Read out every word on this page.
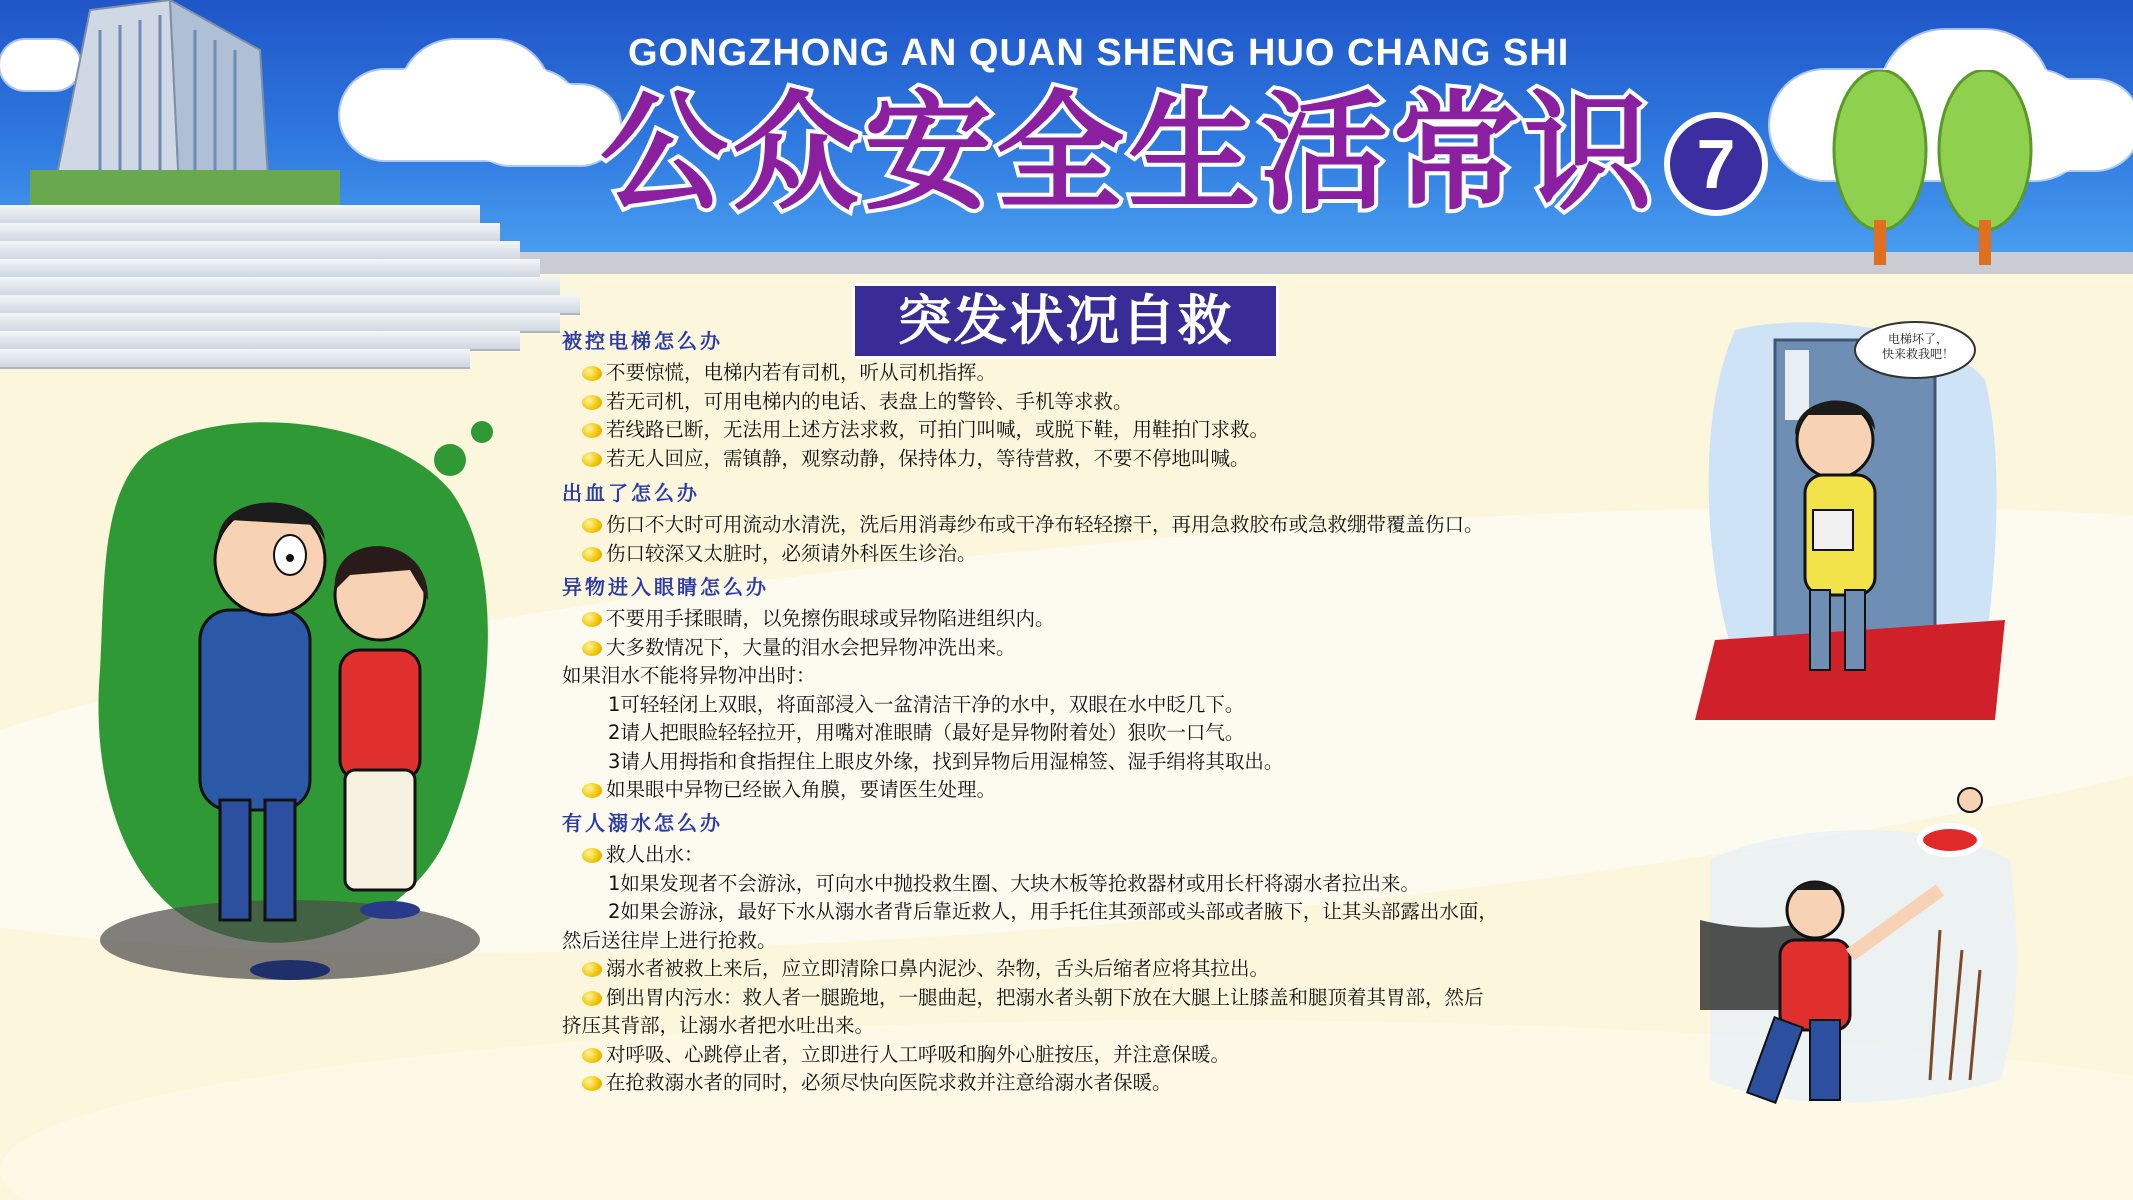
GONGZHONG AN QUAN SHENG HUO CHANG SHI
公众安全生活常识 7
突发状况自救	电梯坏了，
快来救我吧！
被控电梯怎么办
不要惊慌，电梯内若有司机，听从司机指挥。
若无司机，可用电梯内的电话、表盘上的警铃、手机等求救。
若线路已断，无法用上述方法求救，可拍门叫喊，或脱下鞋，用鞋拍门求救。
若无人回应，需镇静，观察动静，保持体力，等待营救，不要不停地叫喊。
出血了怎么办
伤口不大时可用流动水清洗，洗后用消毒纱布或干净布轻轻擦干，再用急救胶布或急救绷带覆盖伤口。
伤口较深又太脏时，必须请外科医生诊治。
异物进入眼睛怎么办
不要用手揉眼睛，以免擦伤眼球或异物陷进组织内。
大多数情况下，大量的泪水会把异物冲洗出来。
如果泪水不能将异物冲出时：
1可轻轻闭上双眼，将面部浸入一盆清洁干净的水中，双眼在水中眨几下。
2请人把眼睑轻轻拉开，用嘴对准眼睛（最好是异物附着处）狠吹一口气。
3请人用拇指和食指捏住上眼皮外缘，找到异物后用湿棉签、湿手绢将其取出。
如果眼中异物已经嵌入角膜，要请医生处理。
有人溺水怎么办
救人出水：
1如果发现者不会游泳，可向水中抛投救生圈、大块木板等抢救器材或用长杆将溺水者拉出来。
2如果会游泳，最好下水从溺水者背后靠近救人，用手托住其颈部或头部或者腋下，让其头部露出水面，
然后送往岸上进行抢救。
溺水者被救上来后，应立即清除口鼻内泥沙、杂物，舌头后缩者应将其拉出。
倒出胃内污水：救人者一腿跪地，一腿曲起，把溺水者头朝下放在大腿上让膝盖和腿顶着其胃部，然后
挤压其背部，让溺水者把水吐出来。
对呼吸、心跳停止者，立即进行人工呼吸和胸外心脏按压，并注意保暖。
在抢救溺水者的同时，必须尽快向医院求救并注意给溺水者保暖。
